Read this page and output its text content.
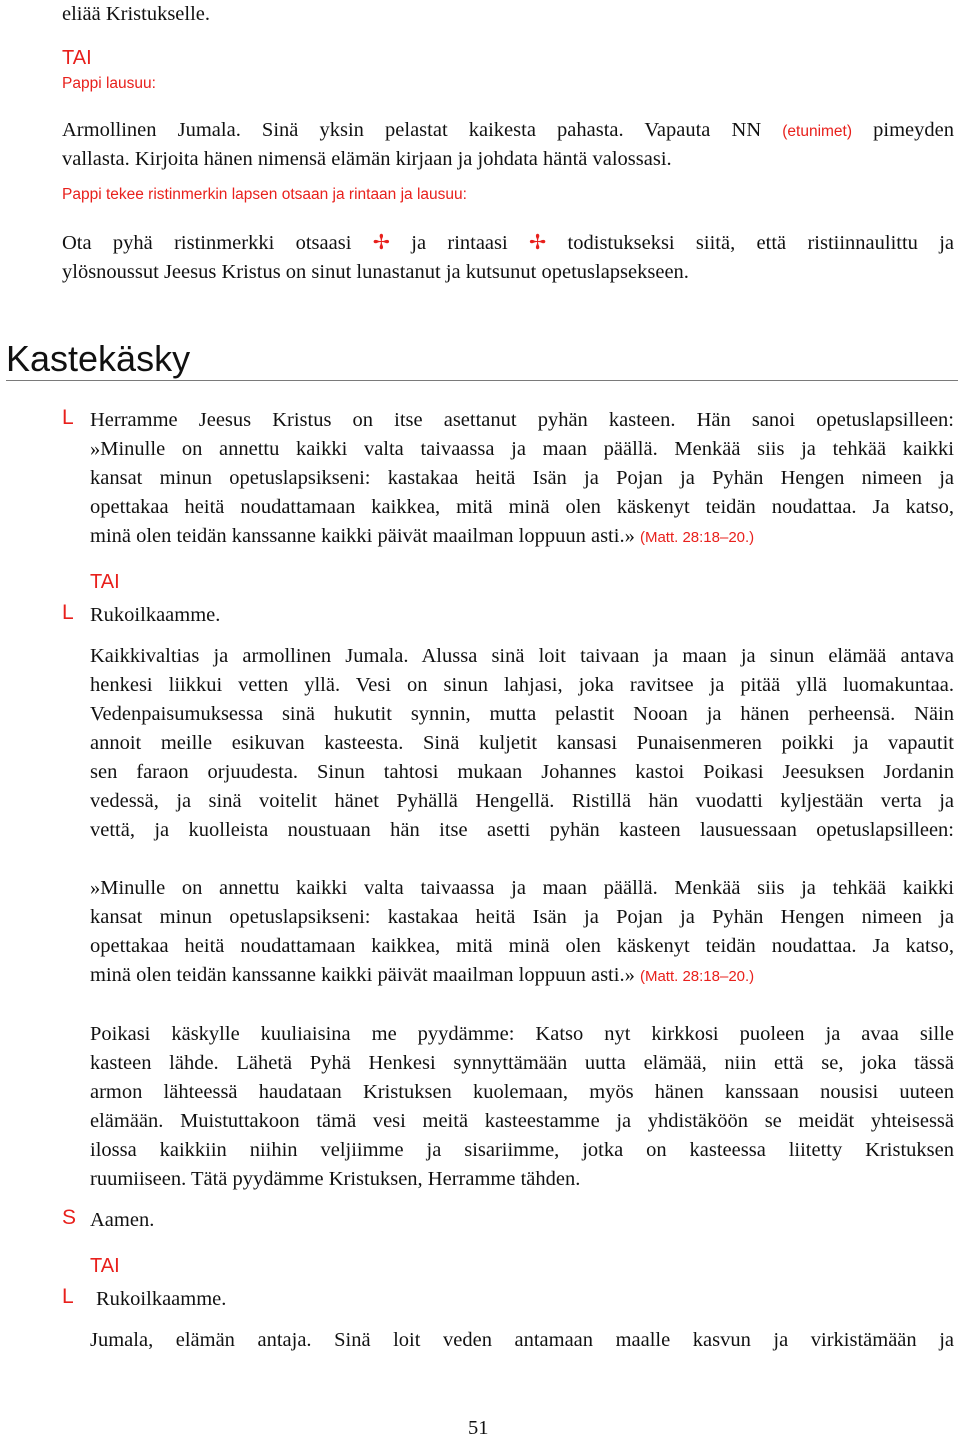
eliää Kristukselle.
TAI
Pappi lausuu:
Armollinen Jumala. Sinä yksin pelastat kaikesta pahasta. Vapauta NN (etunimet) pimeyden
vallasta. Kirjoita hänen nimensä elämän kirjaan ja johdata häntä valossasi.
Pappi tekee ristinmerkin lapsen otsaan ja rintaan ja lausuu:
Ota pyhä ristinmerkki otsaasi ✢ ja rintaasi ✢ todistukseksi siitä, että ristiinnaulittu ja
ylösnoussut Jeesus Kristus on sinut lunastanut ja kutsunut opetuslapsekseen.
Kastekäsky
L Herramme Jeesus Kristus on itse asettanut pyhän kasteen. Hän sanoi opetuslapsilleen:
»Minulle on annettu kaikki valta taivaassa ja maan päällä. Menkää siis ja tehkää kaikki
kansat minun opetuslapsikseni: kastakaa heitä Isän ja Pojan ja Pyhän Hengen nimeen ja
opettakaa heitä noudattamaan kaikkea, mitä minä olen käskenyt teidän noudattaa. Ja katso,
minä olen teidän kanssanne kaikki päivät maailman loppuun asti.» (Matt. 28:18–20.)
TAI
L Rukoilkaamme.
Kaikkivaltias ja armollinen Jumala. Alussa sinä loit taivaan ja maan ja sinun elämää antava
henkesi liikkui vetten yllä. Vesi on sinun lahjasi, joka ravitsee ja pitää yllä luomakuntaa.
Vedenpaisumuksessa sinä hukutit synnin, mutta pelastit Nooan ja hänen perheensä. Näin
annoit meille esikuvan kasteesta. Sinä kuljetit kansasi Punaisenmeren poikki ja vapautit
sen faraon orjuudesta. Sinun tahtosi mukaan Johannes kastoi Poikasi Jeesuksen Jordanin
vedessä, ja sinä voitelit hänet Pyhällä Hengellä. Ristillä hän vuodatti kyljestään verta ja
vettä, ja kuolleista noustuaan hän itse asetti pyhän kasteen lausuessaan opetuslapsilleen:
»Minulle on annettu kaikki valta taivaassa ja maan päällä. Menkää siis ja tehkää kaikki
kansat minun opetuslapsikseni: kastakaa heitä Isän ja Pojan ja Pyhän Hengen nimeen ja
opettakaa heitä noudattamaan kaikkea, mitä minä olen käskenyt teidän noudattaa. Ja katso,
minä olen teidän kanssanne kaikki päivät maailman loppuun asti.» (Matt. 28:18–20.)
Poikasi käskylle kuuliaisina me pyydämme: Katso nyt kirkkosi puoleen ja avaa sille
kasteen lähde. Lähetä Pyhä Henkesi synnyttämään uutta elämää, niin että se, joka tässä
armon lähteessä haudataan Kristuksen kuolemaan, myös hänen kanssaan nousisi uuteen
elämään. Muistuttakoon tämä vesi meitä kasteestamme ja yhdistäköön se meidät yhteisessä
ilossa kaikkiin niihin veljiimme ja sisariimme, jotka on kasteessa liitetty Kristuksen
ruumiiseen. Tätä pyydämme Kristuksen, Herramme tähden.
S Aamen.
TAI
L Rukoilkaamme.
Jumala, elämän antaja. Sinä loit veden antamaan maalle kasvun ja virkistämään ja
51
